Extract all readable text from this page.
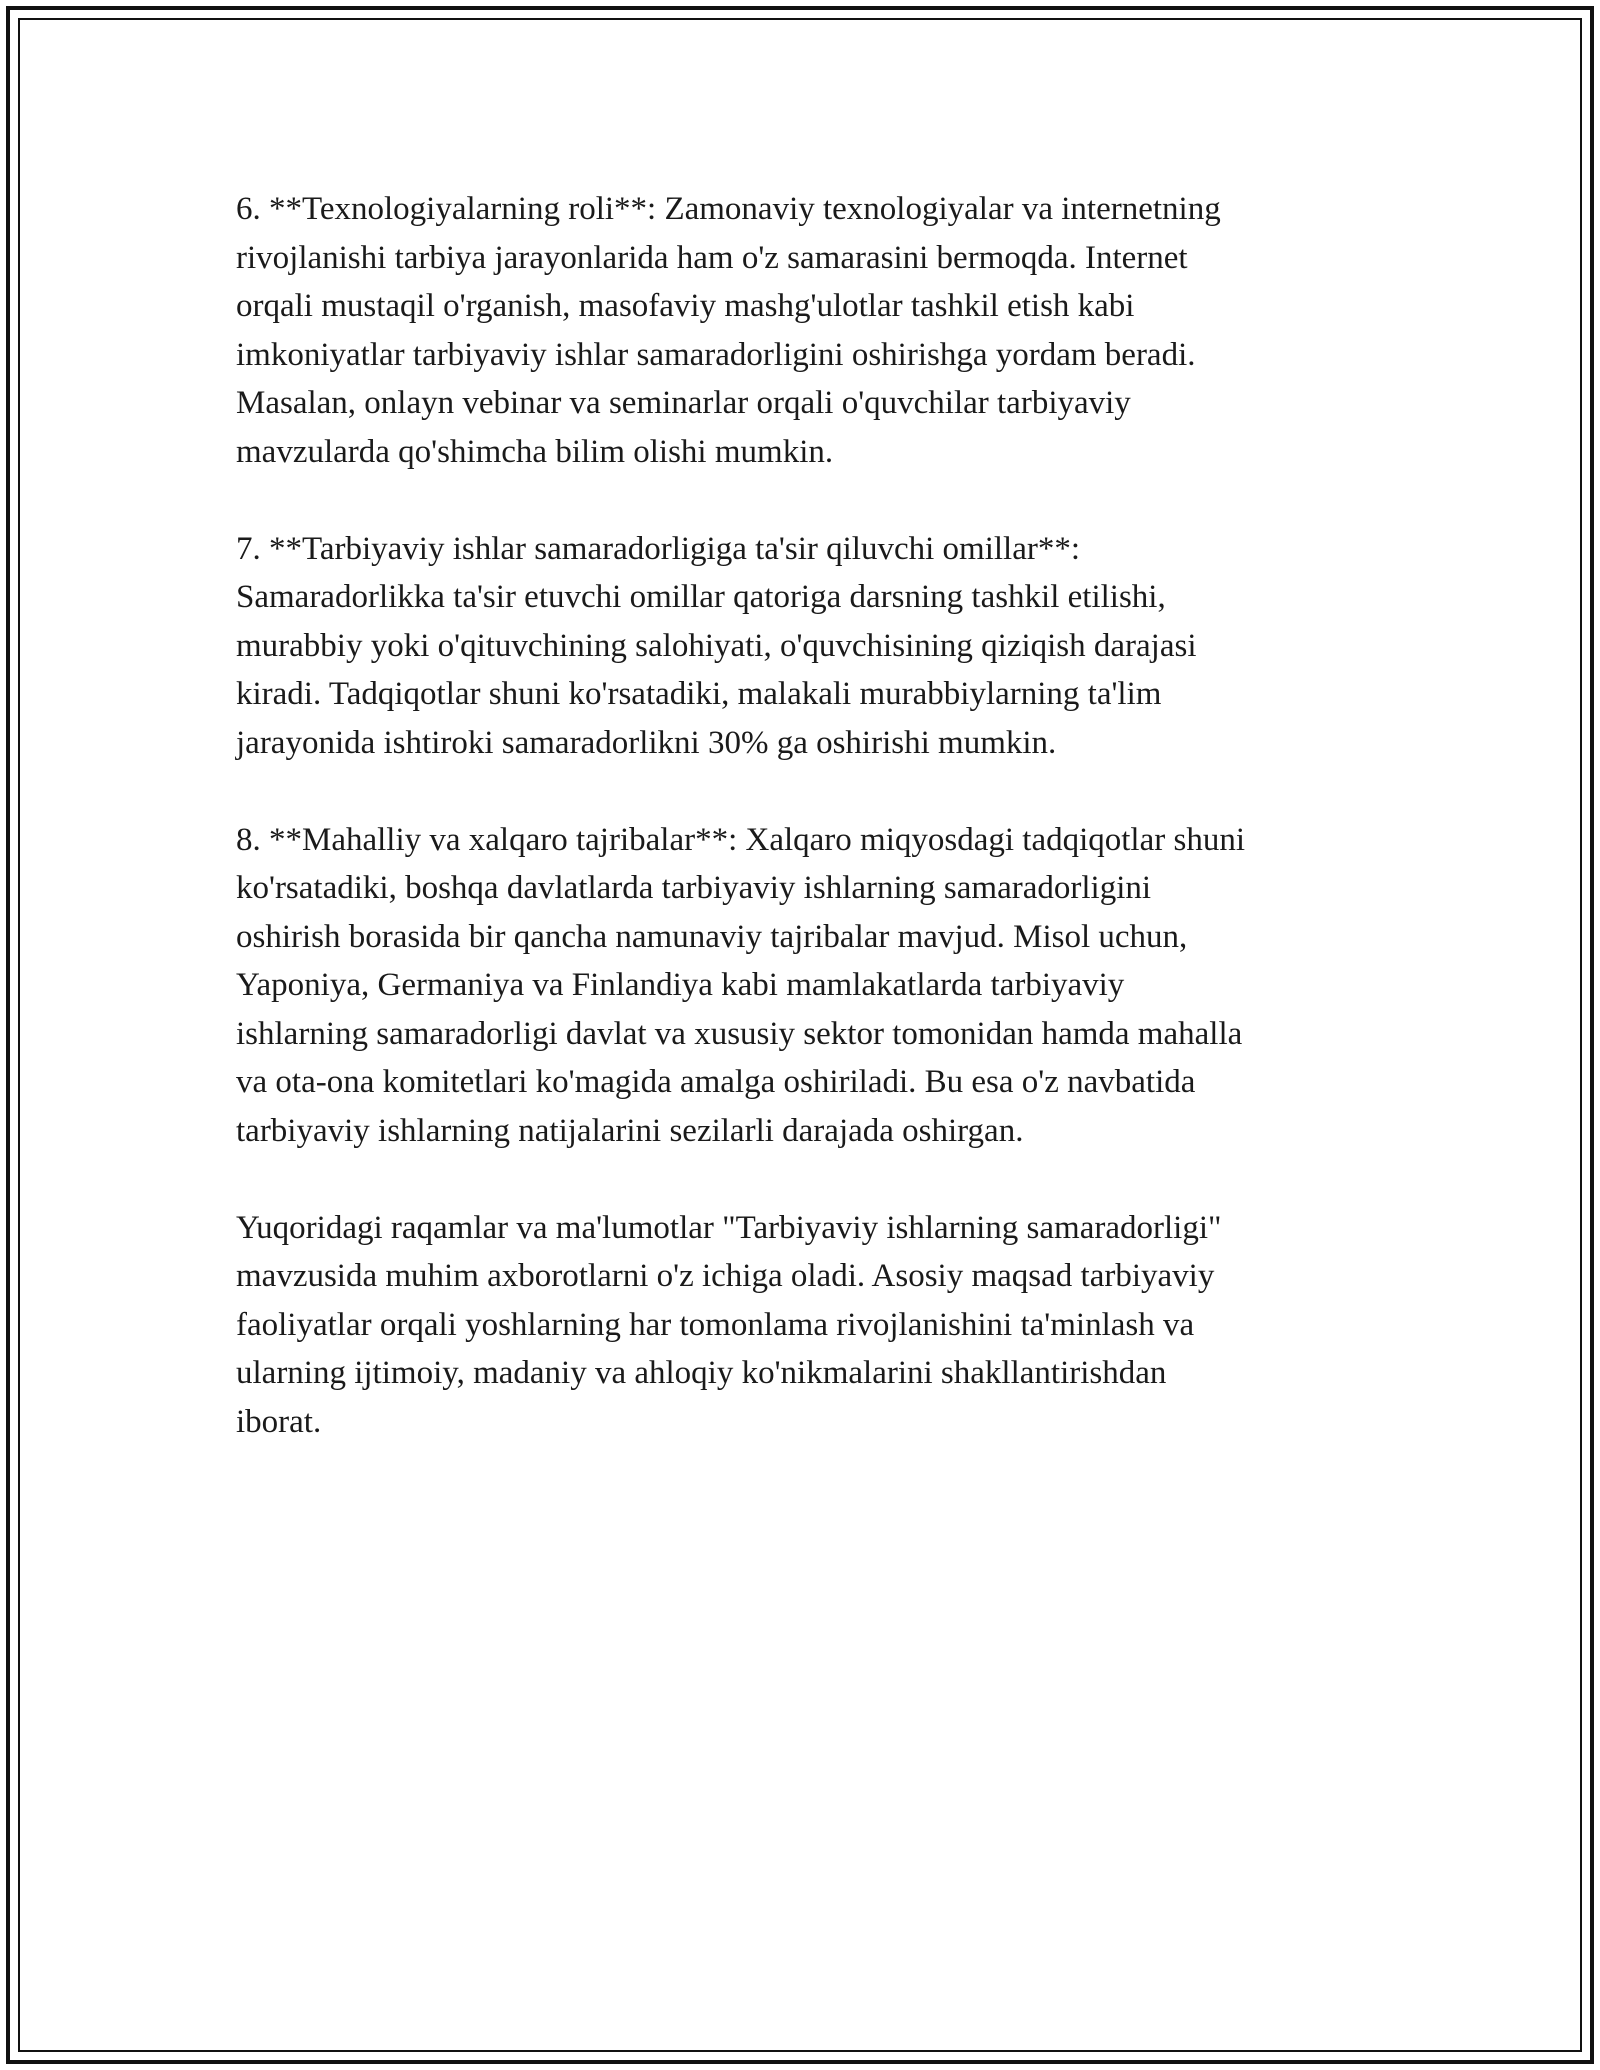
6. **Texnologiyalarning roli**: Zamonaviy texnologiyalar va internetning
rivojlanishi tarbiya jarayonlarida ham o'z samarasini bermoqda. Internet
orqali mustaqil o'rganish, masofaviy mashg'ulotlar tashkil etish kabi
imkoniyatlar tarbiyaviy ishlar samaradorligini oshirishga yordam beradi.
Masalan, onlayn vebinar va seminarlar orqali o'quvchilar tarbiyaviy
mavzularda qo'shimcha bilim olishi mumkin.

7. **Tarbiyaviy ishlar samaradorligiga ta'sir qiluvchi omillar**:
Samaradorlikka ta'sir etuvchi omillar qatoriga darsning tashkil etilishi,
murabbiy yoki o'qituvchining salohiyati, o'quvchisining qiziqish darajasi
kiradi. Tadqiqotlar shuni ko'rsatadiki, malakali murabbiylarning ta'lim
jarayonida ishtiroki samaradorlikni 30% ga oshirishi mumkin.

8. **Mahalliy va xalqaro tajribalar**: Xalqaro miqyosdagi tadqiqotlar shuni
ko'rsatadiki, boshqa davlatlarda tarbiyaviy ishlarning samaradorligini
oshirish borasida bir qancha namunaviy tajribalar mavjud. Misol uchun,
Yaponiya, Germaniya va Finlandiya kabi mamlakatlarda tarbiyaviy
ishlarning samaradorligi davlat va xususiy sektor tomonidan hamda mahalla
va ota-ona komitetlari ko'magida amalga oshiriladi. Bu esa o'z navbatida
tarbiyaviy ishlarning natijalarini sezilarli darajada oshirgan.

Yuqoridagi raqamlar va ma'lumotlar "Tarbiyaviy ishlarning samaradorligi"
mavzusida muhim axborotlarni o'z ichiga oladi. Asosiy maqsad tarbiyaviy
faoliyatlar orqali yoshlarning har tomonlama rivojlanishini ta'minlash va
ularning ijtimoiy, madaniy va ahloqiy ko'nikmalarini shakllantirishdan
iborat.
